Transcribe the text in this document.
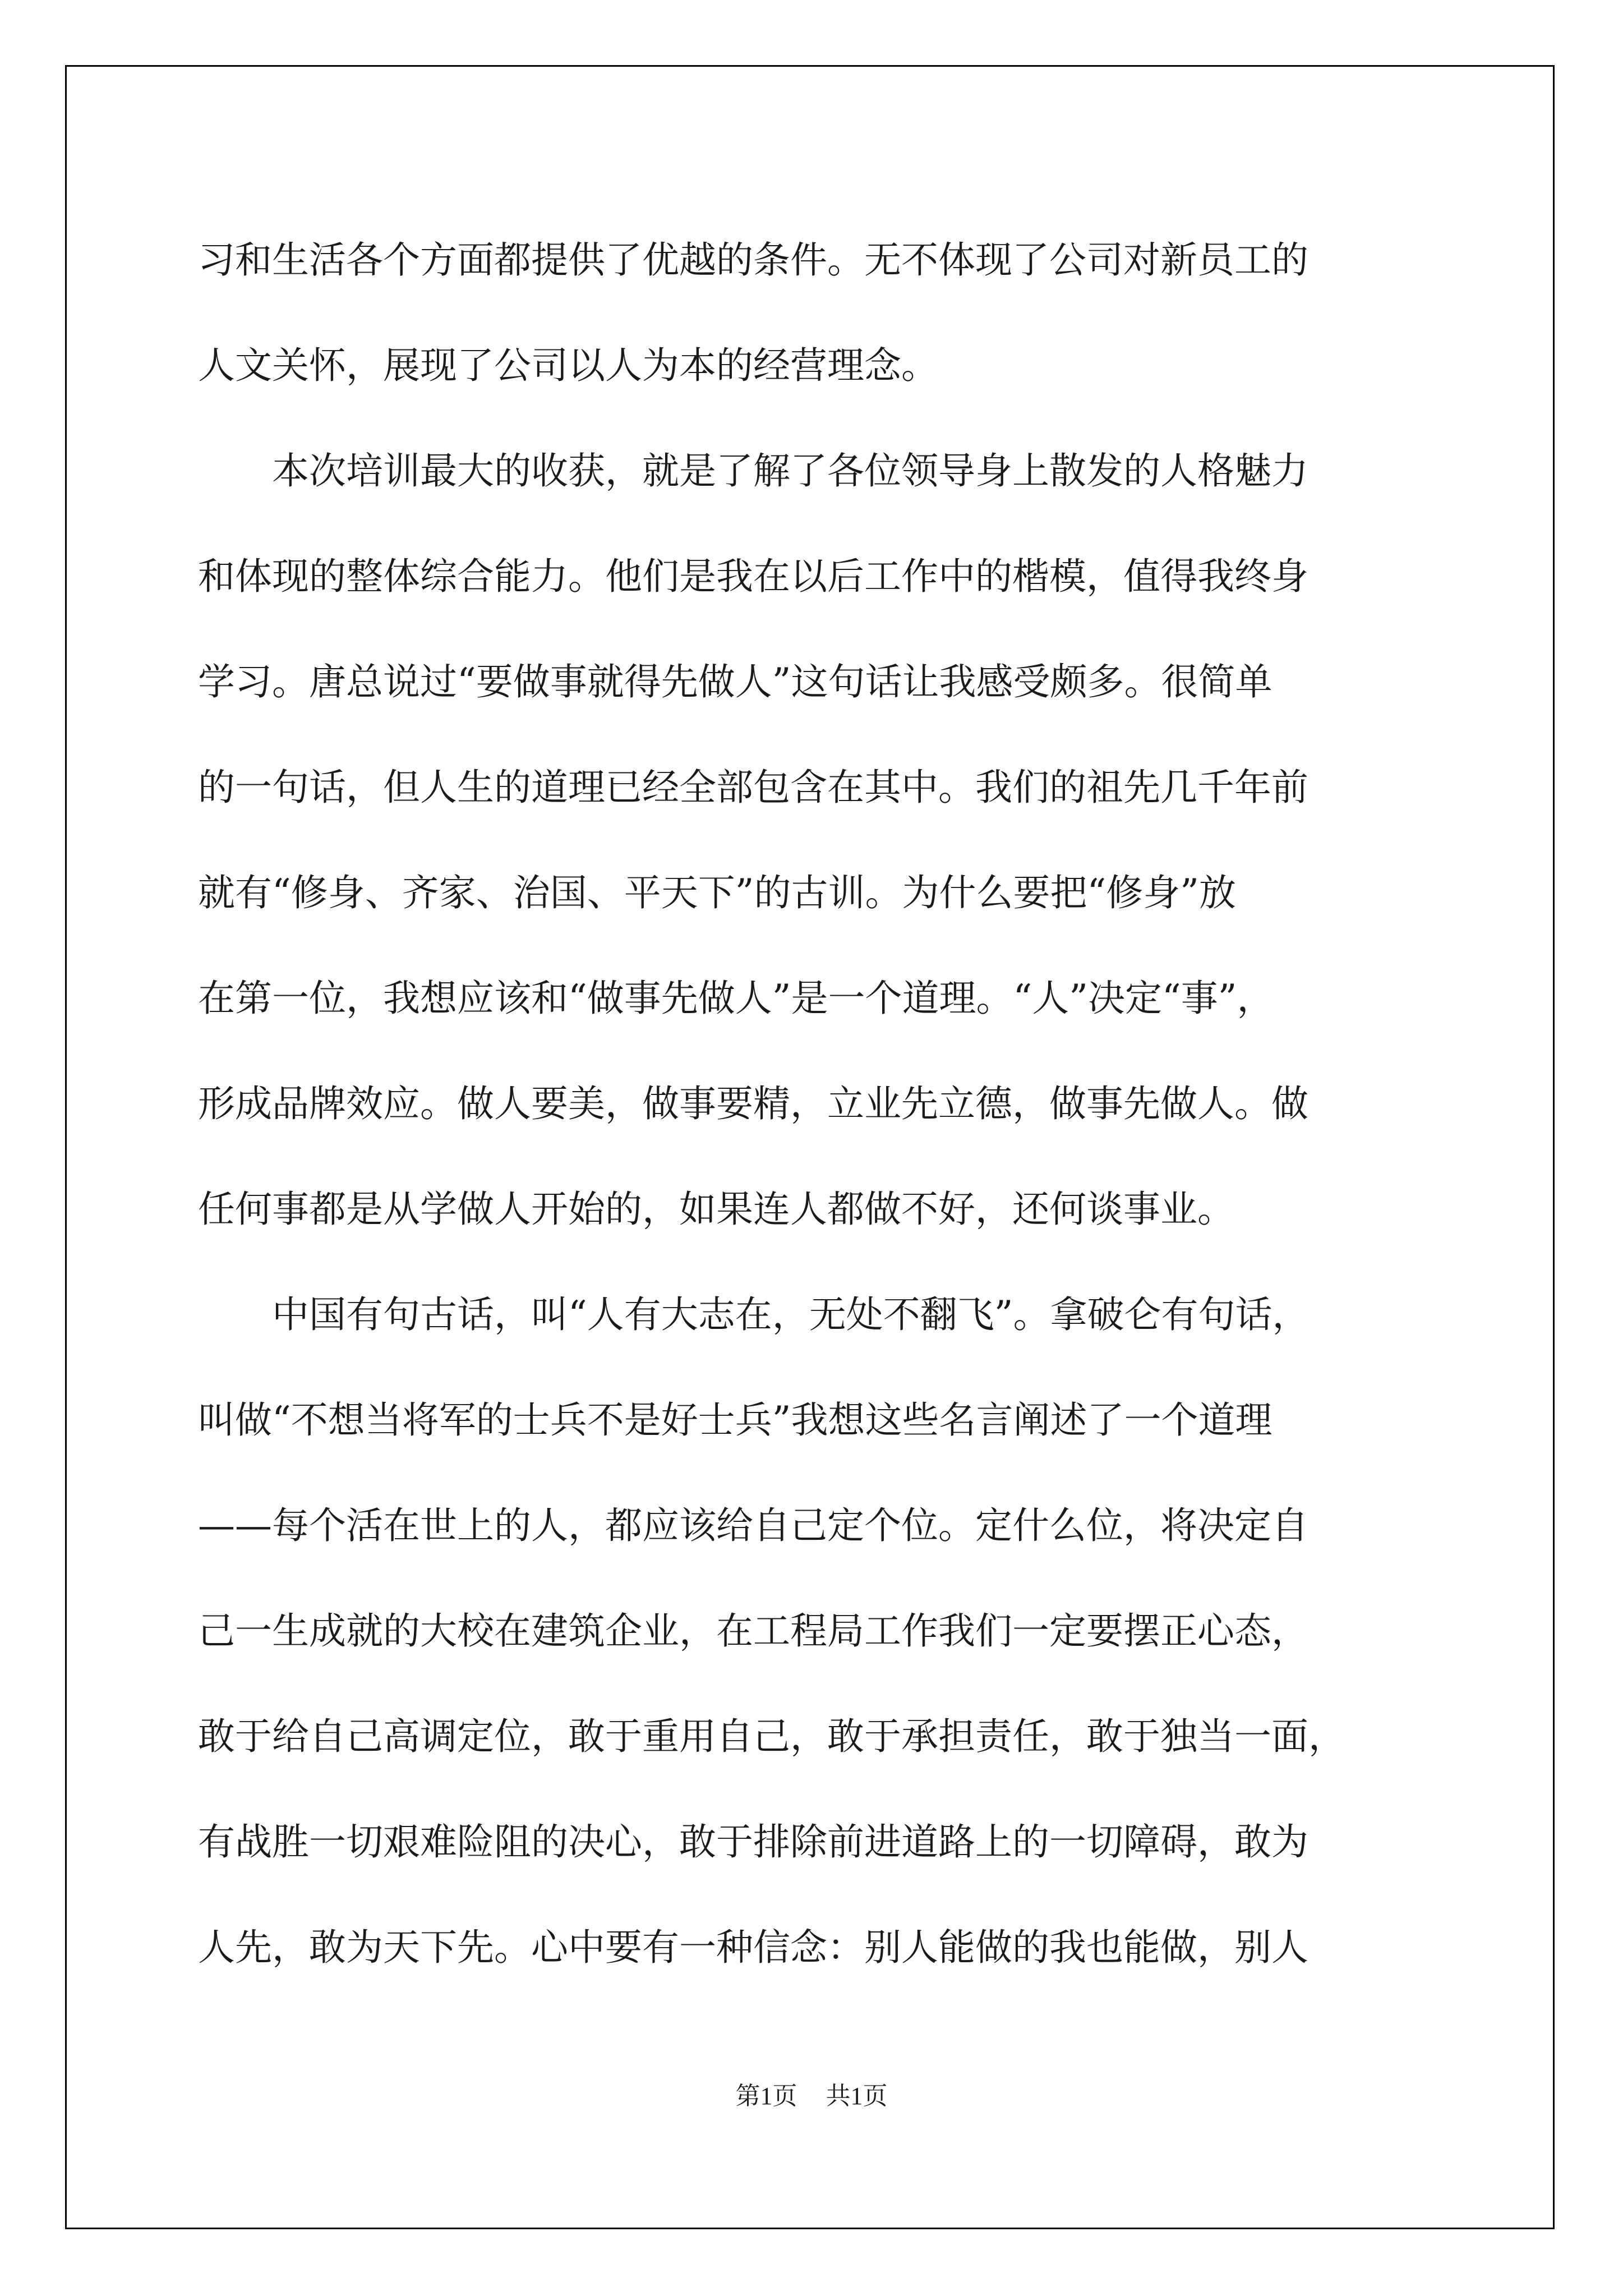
习和生活各个方面都提供了优越的条件。无不体现了公司对新员工的
人文关怀，展现了公司以人为本的经营理念。
本次培训最大的收获，就是了解了各位领导身上散发的人格魅力
和体现的整体综合能力。他们是我在以后工作中的楷模，值得我终身
学习。唐总说过“要做事就得先做人”这句话让我感受颇多。很简单
的一句话，但人生的道理已经全部包含在其中。我们的祖先几千年前
就有“修身、齐家、治国、平天下”的古训。为什么要把“修身”放
在第一位，我想应该和“做事先做人”是一个道理。“人”决定“事”，
形成品牌效应。做人要美，做事要精，立业先立德，做事先做人。做
任何事都是从学做人开始的，如果连人都做不好，还何谈事业。
中国有句古话，叫“人有大志在，无处不翻飞”。拿破仑有句话，
叫做“不想当将军的士兵不是好士兵”我想这些名言阐述了一个道理
——每个活在世上的人，都应该给自己定个位。定什么位，将决定自
己一生成就的大校在建筑企业，在工程局工作我们一定要摆正心态，
敢于给自己高调定位，敢于重用自己，敢于承担责任，敢于独当一面，
有战胜一切艰难险阻的决心，敢于排除前进道路上的一切障碍，敢为
人先，敢为天下先。心中要有一种信念：别人能做的我也能做，别人
第1页 共1页
